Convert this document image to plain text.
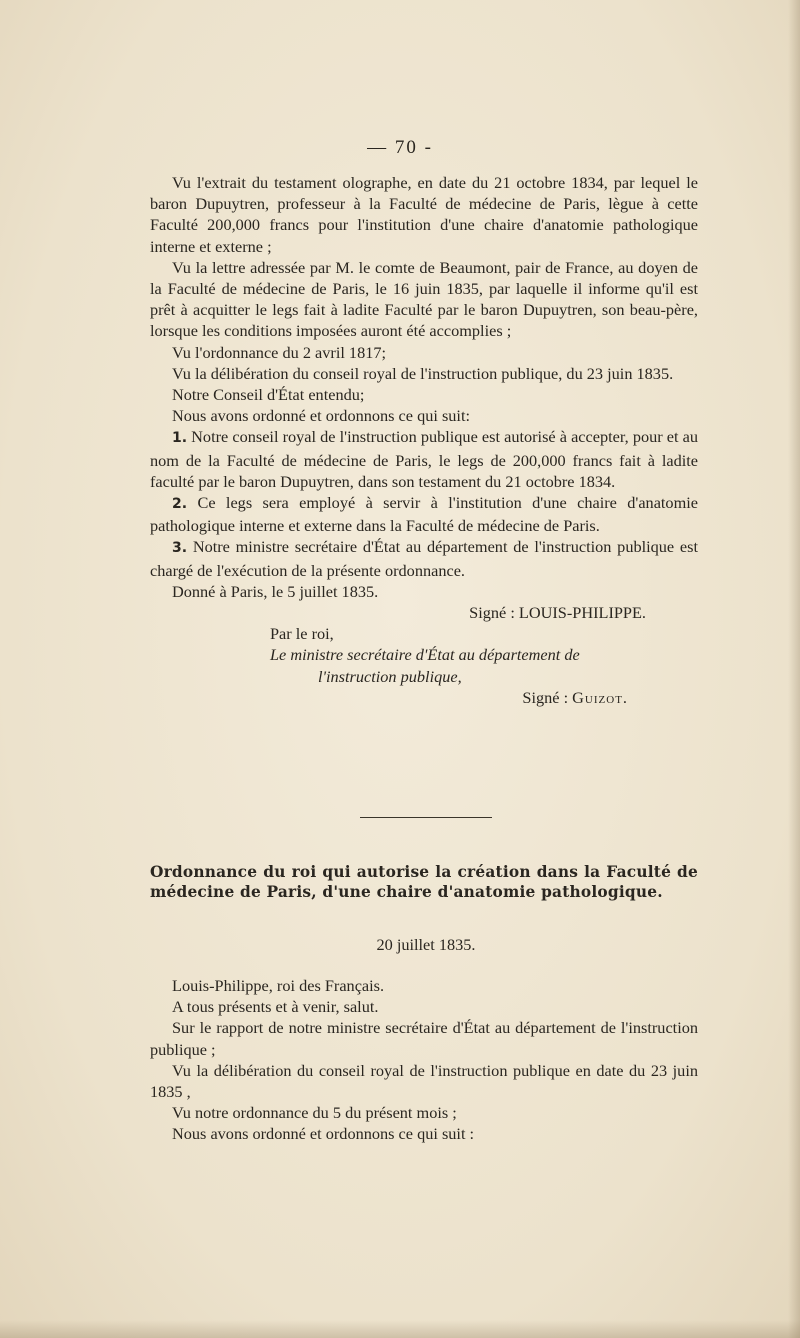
— 70 -

Vu l'extrait du testament olographe, en date du 21 octobre 1834, par lequel le baron Dupuytren, professeur à la Faculté de médecine de Paris, lègue à cette Faculté 200,000 francs pour l'institution d'une chaire d'anatomie pathologique interne et externe ;

Vu la lettre adressée par M. le comte de Beaumont, pair de France, au doyen de la Faculté de médecine de Paris, le 16 juin 1835, par laquelle il informe qu'il est prêt à acquitter le legs fait à ladite Faculté par le baron Dupuytren, son beau-père, lorsque les conditions imposées auront été accomplies ;

Vu l'ordonnance du 2 avril 1817;

Vu la délibération du conseil royal de l'instruction publique, du 23 juin 1835.

Notre Conseil d'État entendu;

Nous avons ordonné et ordonnons ce qui suit:

1. Notre conseil royal de l'instruction publique est autorisé à accepter, pour et au nom de la Faculté de médecine de Paris, le legs de 200,000 francs fait à ladite faculté par le baron Dupuytren, dans son testament du 21 octobre 1834.

2. Ce legs sera employé à servir à l'institution d'une chaire d'anatomie pathologique interne et externe dans la Faculté de médecine de Paris.

3. Notre ministre secrétaire d'État au département de l'instruction publique est chargé de l'exécution de la présente ordonnance.

Donné à Paris, le 5 juillet 1835.

Signé : LOUIS-PHILIPPE.

Par le roi,

Le ministre secrétaire d'État au département de

l'instruction publique,

Signé : Guizot.

Ordonnance du roi qui autorise la création dans la Faculté de médecine de Paris, d'une chaire d'anatomie pathologique.
20 juillet 1835.

Louis-Philippe, roi des Français.

A tous présents et à venir, salut.

Sur le rapport de notre ministre secrétaire d'État au département de l'instruction publique ;

Vu la délibération du conseil royal de l'instruction publique en date du 23 juin 1835 ,

Vu notre ordonnance du 5 du présent mois ;

Nous avons ordonné et ordonnons ce qui suit :
